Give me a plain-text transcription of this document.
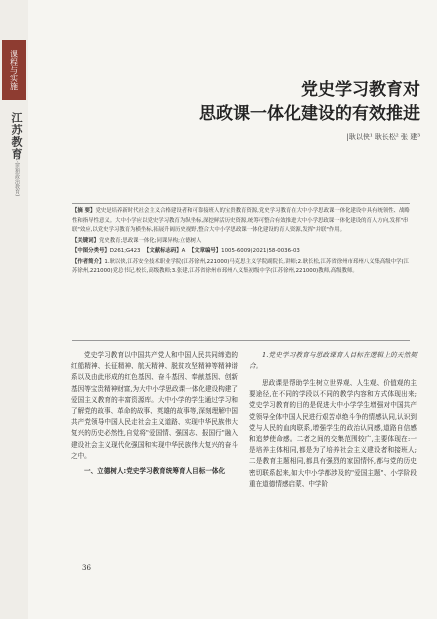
课程与实施
江苏教育
2021·(思想政治教育)
党史学习教育对
思政课一体化建设的有效推进
|耿以侠¹ 耿长松² 张 建³

【摘 要】党史是培养新时代社会主义合格建设者和可靠接班人的宝贵教育资源,党史学习教育在大中小学思政课一体化建设中具有统领性、战略性和指导性意义。大中小学应以党史学习教育为纵坐标,深挖鲜活历史资源,统筹可整合有效推进大中小学思政课一体化建设的育人方向,发挥"串联"效应,以党史学习教育为横坐标,拓展升阔历史视野,整合大中小学思政课一体化建设的育人资源,发挥"并联"作用。

【关键词】党史教育;思政课一体化;同课异构;立德树人

【中图分类号】D261;G423 【文献标志码】A 【文章编号】1005-6009(2021)58-0036-03

【作者简介】1.耿以侠,江苏安全技术职业学院(江苏徐州,221000)马克思主义学院副院长,讲师;2.耿长松,江苏省徐州市邳州八义集高级中学(江苏徐州,221000)党总书记,校长,高级教师;3.张建,江苏省徐州市邳州八义集初级中学(江苏徐州,221000)教师,高级教师。

党史学习教育以中国共产党人和中国人民共同缔造的红船精神、长征精神、航天精神、脱贫攻坚精神等精神谱系以及由此形成的红色基因、奋斗基因、奉献基因、创新基因等宝贵精神财富,为大中小学思政课一体化建设构建了爱国主义教育的丰富资源库。大中小学的学生通过学习和了解党的故事、革命的故事、英雄的故事等,深刻理解中国共产党领导中国人民走社会主义道路、实现中华民族伟大复兴的历史必然性,自觉将"爱国情、强国志、报国行"融入建设社会主义现代化强国和实现中华民族伟大复兴的奋斗之中。

一、立德树人:党史学习教育统筹育人目标一体化

1.党史学习教育与思政课育人目标在逻辑上的天然契合。

思政课是帮助学生树立世界观、人生观、价值观的主要途径,在不同的学段以不同的教学内容和方式体现出来;党史学习教育的目的是促进大中小学学生增强对中国共产党领导全体中国人民进行艰苦卓绝斗争的情感认同,认识到党与人民的血肉联系,增强学生的政治认同感,道路自信感和追梦使命感。二者之间的交集范围较广,主要体现在:一是培养主体相同,都是为了培养社会主义建设者和接班人;二是教育主题相同,都具有强烈的家国情怀,都与党的历史密切联系起来,如大中小学都涉及的"爱国主题"、小学阶段重在道德情感启蒙、中学阶

36
